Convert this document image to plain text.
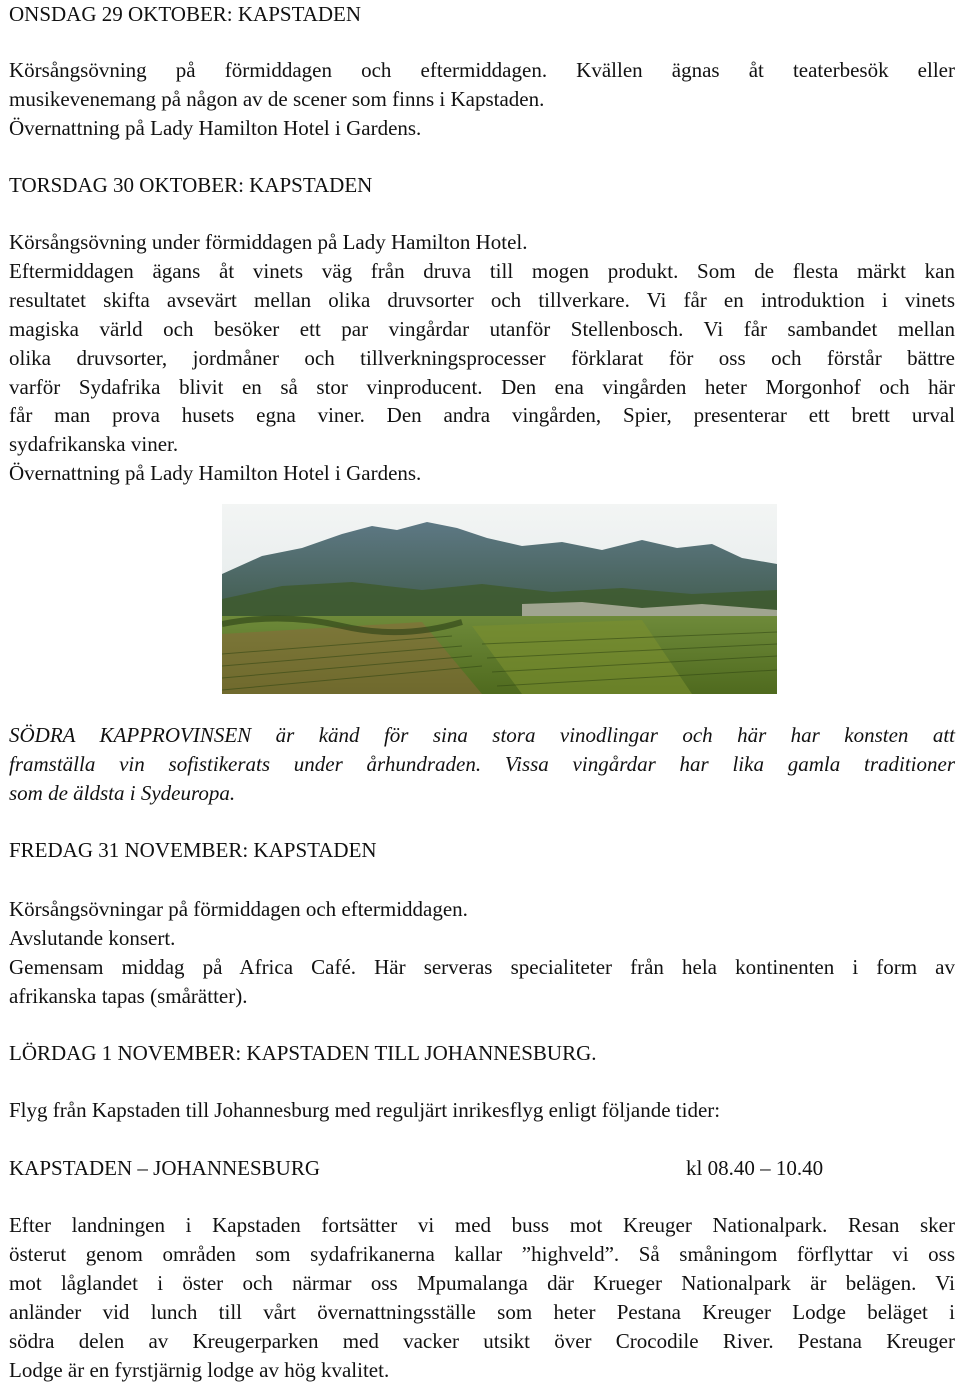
ONSDAG 29 OKTOBER: KAPSTADEN
Körsångsövning på förmiddagen och eftermiddagen. Kvällen ägnas åt teaterbesök eller
musikevenemang på någon av de scener som finns i Kapstaden.
Övernattning på Lady Hamilton Hotel i Gardens.
TORSDAG 30 OKTOBER: KAPSTADEN
Körsångsövning under förmiddagen på Lady Hamilton Hotel.
Eftermiddagen ägans åt vinets väg från druva till mogen produkt. Som de flesta märkt kan
resultatet skifta avsevärt mellan olika druvsorter och tillverkare. Vi får en introduktion i vinets
magiska värld och besöker ett par vingårdar utanför Stellenbosch. Vi får sambandet mellan
olika druvsorter, jordmåner och tillverkningsprocesser förklarat för oss och förstår bättre
varför Sydafrika blivit en så stor vinproducent. Den ena vingården heter Morgonhof och här
får man prova husets egna viner. Den andra vingården, Spier, presenterar ett brett urval
sydafrikanska viner.
Övernattning på Lady Hamilton Hotel i Gardens.
SÖDRA KAPPROVINSEN är känd för sina stora vinodlingar och här har konsten att
framställa vin sofistikerats under århundraden. Vissa vingårdar har lika gamla traditioner
som de äldsta i Sydeuropa.
FREDAG 31 NOVEMBER: KAPSTADEN
Körsångsövningar på förmiddagen och eftermiddagen.
Avslutande konsert.
Gemensam middag på Africa Café. Här serveras specialiteter från hela kontinenten i form av
afrikanska tapas (smårätter).
LÖRDAG 1 NOVEMBER: KAPSTADEN TILL JOHANNESBURG.
Flyg från Kapstaden till Johannesburg med reguljärt inrikesflyg enligt följande tider:
KAPSTADEN – JOHANNESBURG	kl 08.40 – 10.40
Efter landningen i Kapstaden fortsätter vi med buss mot Kreuger Nationalpark. Resan sker
österut genom områden som sydafrikanerna kallar ”highveld”. Så småningom förflyttar vi oss
mot låglandet i öster och närmar oss Mpumalanga där Krueger Nationalpark är belägen. Vi
anländer vid lunch till vårt övernattningsställe som heter Pestana Kreuger Lodge beläget i
södra delen av Kreugerparken med vacker utsikt över Crocodile River. Pestana Kreuger
Lodge är en fyrstjärnig lodge av hög kvalitet.
